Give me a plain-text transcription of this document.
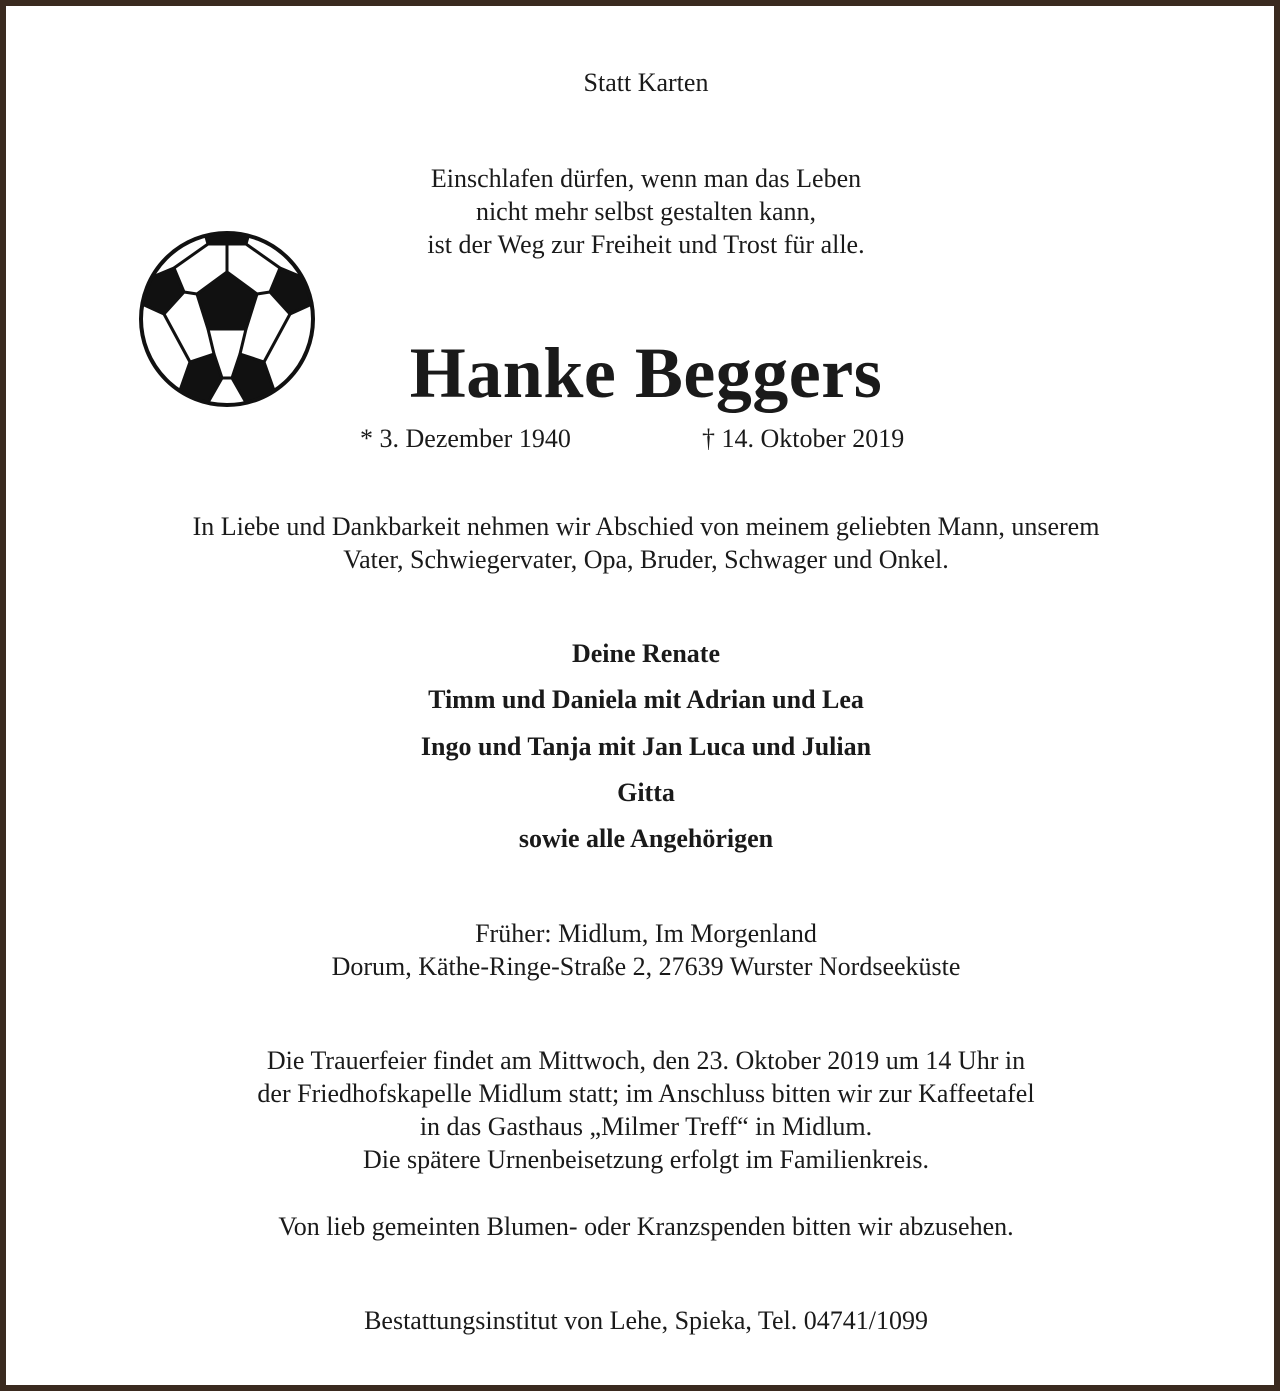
Statt Karten
Einschlafen dürfen, wenn man das Leben
nicht mehr selbst gestalten kann,
ist der Weg zur Freiheit und Trost für alle.
Hanke Beggers
* 3. Dezember 1940	† 14. Oktober 2019
In Liebe und Dankbarkeit nehmen wir Abschied von meinem geliebten Mann, unserem
Vater, Schwiegervater, Opa, Bruder, Schwager und Onkel.
Deine Renate
Timm und Daniela mit Adrian und Lea
Ingo und Tanja mit Jan Luca und Julian
Gitta
sowie alle Angehörigen
Früher: Midlum, Im Morgenland
Dorum, Käthe-Ringe-Straße 2, 27639 Wurster Nordseeküste
Die Trauerfeier findet am Mittwoch, den 23. Oktober 2019 um 14 Uhr in
der Friedhofskapelle Midlum statt; im Anschluss bitten wir zur Kaffeetafel
in das Gasthaus „Milmer Treff“ in Midlum.
Die spätere Urnenbeisetzung erfolgt im Familienkreis.
Von lieb gemeinten Blumen- oder Kranzspenden bitten wir abzusehen.
Bestattungsinstitut von Lehe, Spieka, Tel. 04741/1099
